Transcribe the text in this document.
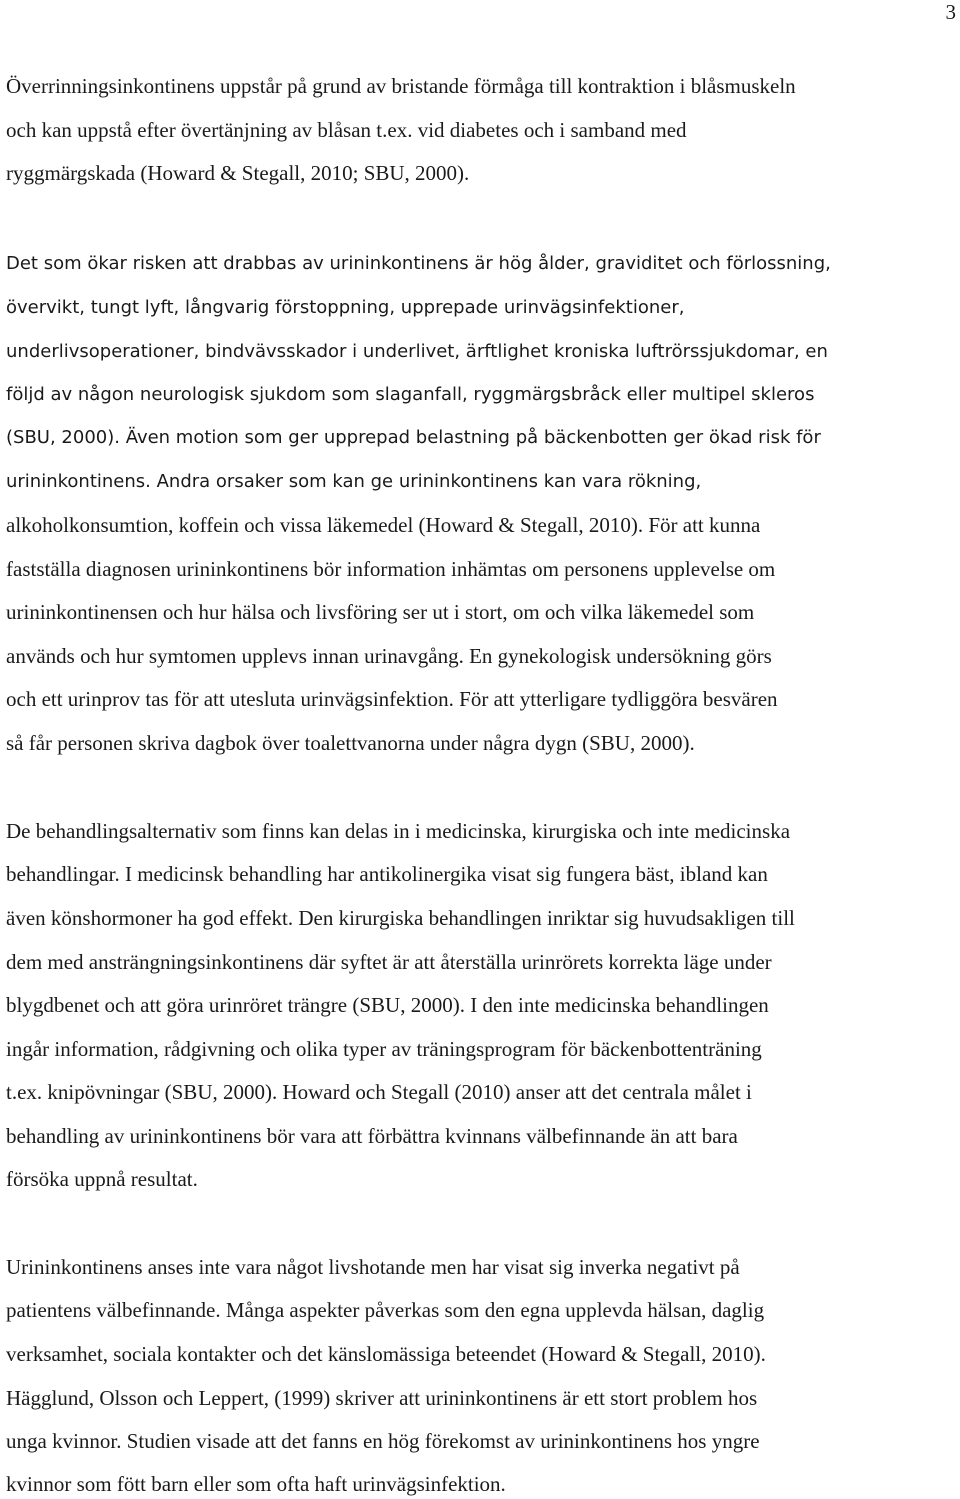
3
Överrinningsinkontinens uppstår på grund av bristande förmåga till kontraktion i blåsmuskeln
och kan uppstå efter övertänjning av blåsan t.ex. vid diabetes och i samband med
ryggmärgskada (Howard & Stegall, 2010; SBU, 2000).
Det som ökar risken att drabbas av urininkontinens är hög ålder, graviditet och förlossning,
övervikt, tungt lyft, långvarig förstoppning, upprepade urinvägsinfektioner,
underlivsoperationer, bindvävsskador i underlivet, ärftlighet kroniska luftrörssjukdomar, en
följd av någon neurologisk sjukdom som slaganfall, ryggmärgsbråck eller multipel skleros
(SBU, 2000). Även motion som ger upprepad belastning på bäckenbotten ger ökad risk för
urininkontinens. Andra orsaker som kan ge urininkontinens kan vara rökning,
alkoholkonsumtion, koffein och vissa läkemedel (Howard & Stegall, 2010). För att kunna
fastställa diagnosen urininkontinens bör information inhämtas om personens upplevelse om
urininkontinensen och hur hälsa och livsföring ser ut i stort, om och vilka läkemedel som
används och hur symtomen upplevs innan urinavgång. En gynekologisk undersökning görs
och ett urinprov tas för att utesluta urinvägsinfektion. För att ytterligare tydliggöra besvären
så får personen skriva dagbok över toalettvanorna under några dygn (SBU, 2000).
De behandlingsalternativ som finns kan delas in i medicinska, kirurgiska och inte medicinska
behandlingar. I medicinsk behandling har antikolinergika visat sig fungera bäst, ibland kan
även könshormoner ha god effekt. Den kirurgiska behandlingen inriktar sig huvudsakligen till
dem med ansträngningsinkontinens där syftet är att återställa urinrörets korrekta läge under
blygdbenet och att göra urinröret trängre (SBU, 2000). I den inte medicinska behandlingen
ingår information, rådgivning och olika typer av träningsprogram för bäckenbottenträning
t.ex. knipövningar (SBU, 2000). Howard och Stegall (2010) anser att det centrala målet i
behandling av urininkontinens bör vara att förbättra kvinnans välbefinnande än att bara
försöka uppnå resultat.
Urininkontinens anses inte vara något livshotande men har visat sig inverka negativt på
patientens välbefinnande. Många aspekter påverkas som den egna upplevda hälsan, daglig
verksamhet, sociala kontakter och det känslomässiga beteendet (Howard & Stegall, 2010).
Hägglund, Olsson och Leppert, (1999) skriver att urininkontinens är ett stort problem hos
unga kvinnor. Studien visade att det fanns en hög förekomst av urininkontinens hos yngre
kvinnor som fött barn eller som ofta haft urinvägsinfektion.
